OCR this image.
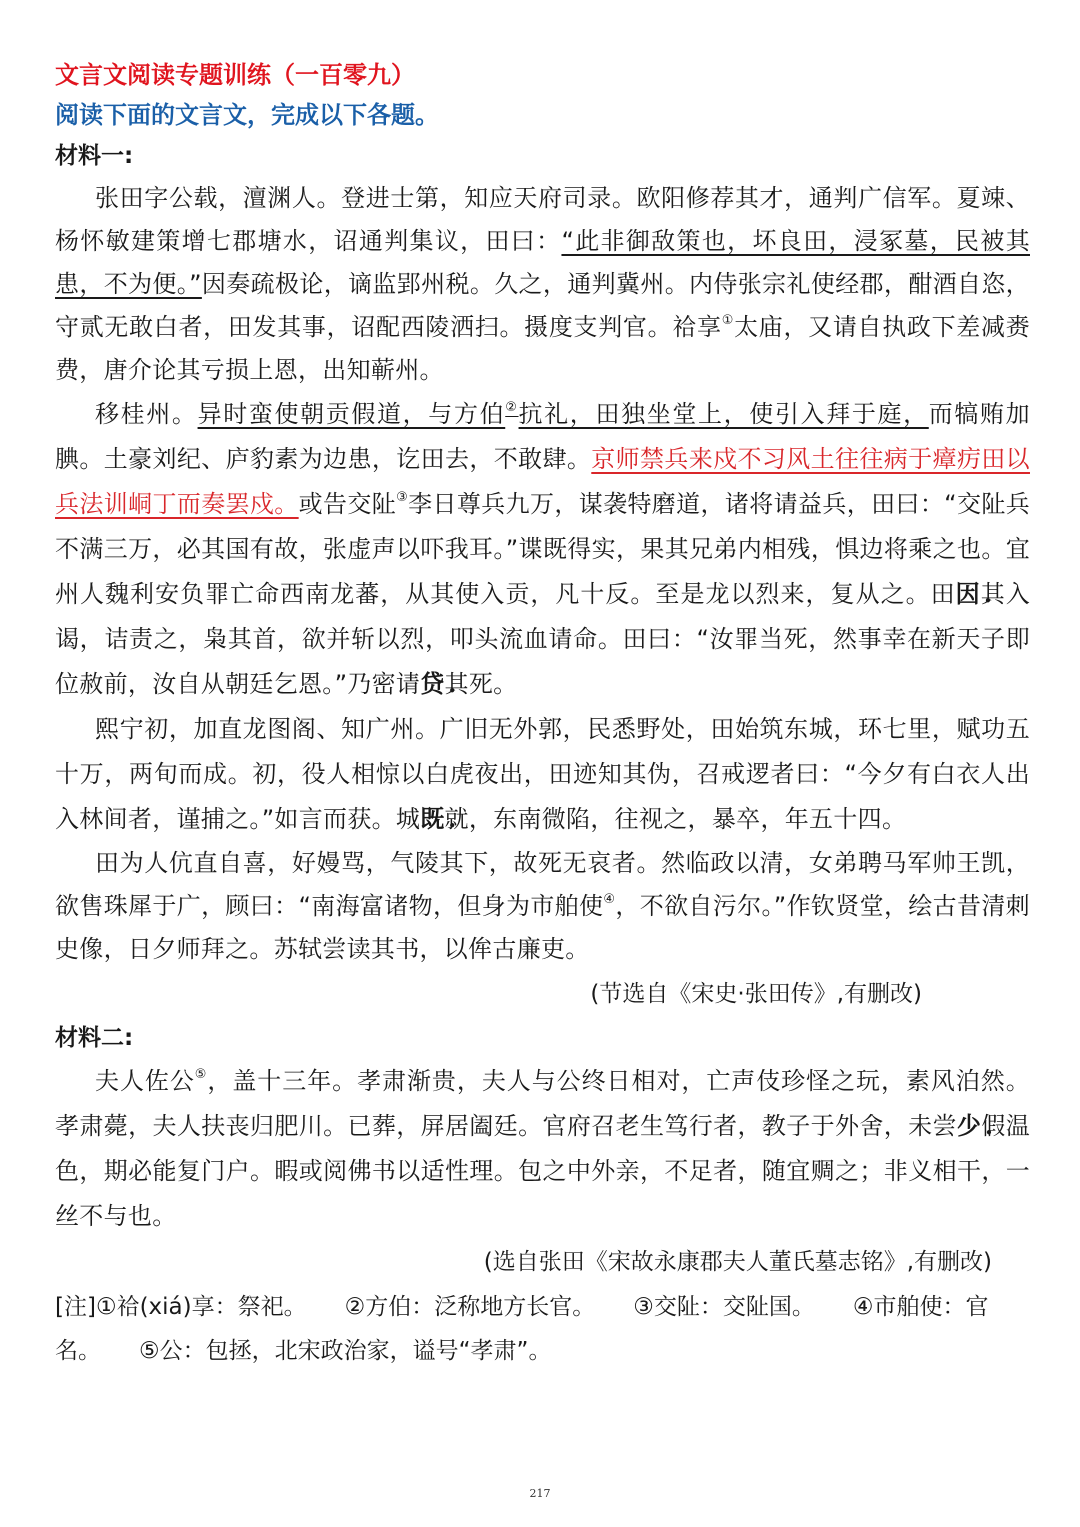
文言文阅读专题训练（一百零九）

阅读下面的文言文，完成以下各题。

材料一:

张田字公载，澶渊人。登进士第，知应天府司录。欧阳修荐其才，通判广信军。夏竦、杨怀敏建策增七郡塘水，诏通判集议，田曰：“此非御敌策也，坏良田，浸冢墓，民被其患，不为便。”因奏疏极论，谪监郢州税。久之，通判冀州。内侍张宗礼使经郡，酣酒自恣，守贰无敢白者，田发其事，诏配西陵洒扫。摄度支判官。祫享①太庙，又请自执政下差减赉费，唐介论其亏损上恩，出知蕲州。

移桂州。异时蛮使朝贡假道，与方伯②抗礼，田独坐堂上，使引入拜于庭，而犒贿加腆。土豪刘纪、庐豹素为边患，讫田去，不敢肆。京师禁兵来戍不习风土往往病于瘴疠田以兵法训峒丁而奏罢戍。或告交阯③李日尊兵九万，谋袭特磨道，诸将请益兵，田曰：“交阯兵不满三万，必其国有故，张虚声以吓我耳。”谍既得实，果其兄弟内相残，惧边将乘之也。宜州人魏利安负罪亡命西南龙蕃，从其使入贡，凡十反。至是龙以烈来，复从之。田因其入谒，诘责之，枭其首，欲并斩以烈，叩头流血请命。田曰：“汝罪当死，然事幸在新天子即位赦前，汝自从朝廷乞恩。”乃密请贷其死。

熙宁初，加直龙图阁、知广州。广旧无外郭，民悉野处，田始筑东城，环七里，赋功五十万，两旬而成。初，役人相惊以白虎夜出，田迹知其伪，召戒逻者曰：“今夕有白衣人出入林间者，谨捕之。”如言而获。城既就，东南微陷，往视之，暴卒，年五十四。

田为人伉直自喜，好嫚骂，气陵其下，故死无哀者。然临政以清，女弟聘马军帅王凯，欲售珠犀于广，顾曰：“南海富诸物，但身为市舶使④，不欲自污尔。”作钦贤堂，绘古昔清刺史像，日夕师拜之。苏轼尝读其书，以侔古廉吏。

(节选自《宋史·张田传》,有删改)

材料二:

夫人佐公⑤，盖十三年。孝肃渐贵，夫人与公终日相对，亡声伎珍怪之玩，素风泊然。孝肃薨，夫人扶丧归肥川。已葬，屏居阖廷。官府召老生笃行者，教子于外舍，未尝少假温色，期必能复门户。暇或阅佛书以适性理。包之中外亲，不足者，随宜赒之；非义相干，一丝不与也。

(选自张田《宋故永康郡夫人董氏墓志铭》,有删改)

[注]①祫(xiá)享：祭祀。 ②方伯：泛称地方长官。 ③交阯：交阯国。 ④市舶使：官名。 ⑤公：包拯，北宋政治家，谥号“孝肃”。

217
